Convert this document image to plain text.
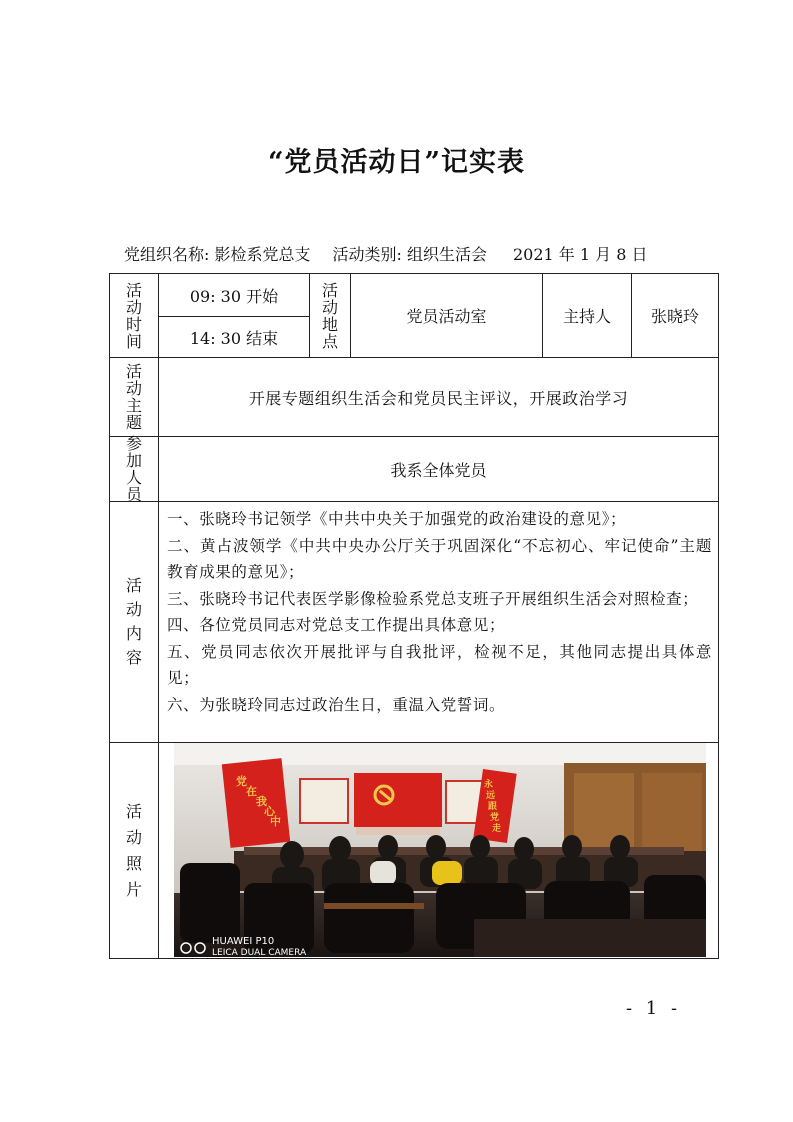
“党员活动日”记实表
党组织名称: 影检系党总支 活动类别: 组织生活会 2021 年 1 月 8 日
活
动
时
间
09: 30 开始
14: 30 结束
活
动
地
点
党员活动室	主持人	张晓玲
活
动
主
题
开展专题组织生活会和党员民主评议，开展政治学习
参
加
人
员
我系全体党员
活
动
内
容
一、张晓玲书记领学《中共中央关于加强党的政治建设的意见》；
二、黄占波领学《中共中央办公厅关于巩固深化“不忘初心、牢记使命”主题教育成果的意见》；
三、张晓玲书记代表医学影像检验系党总支班子开展组织生活会对照检查；
四、各位党员同志对党总支工作提出具体意见；
五、党员同志依次开展批评与自我批评，检视不足，其他同志提出具体意见；
六、为张晓玲同志过政治生日，重温入党誓词。
活
动
照
片
党
在
我
心
中
永
远
跟
党
走
HUAWEI P10
LEICA DUAL CAMERA
- 1 -
